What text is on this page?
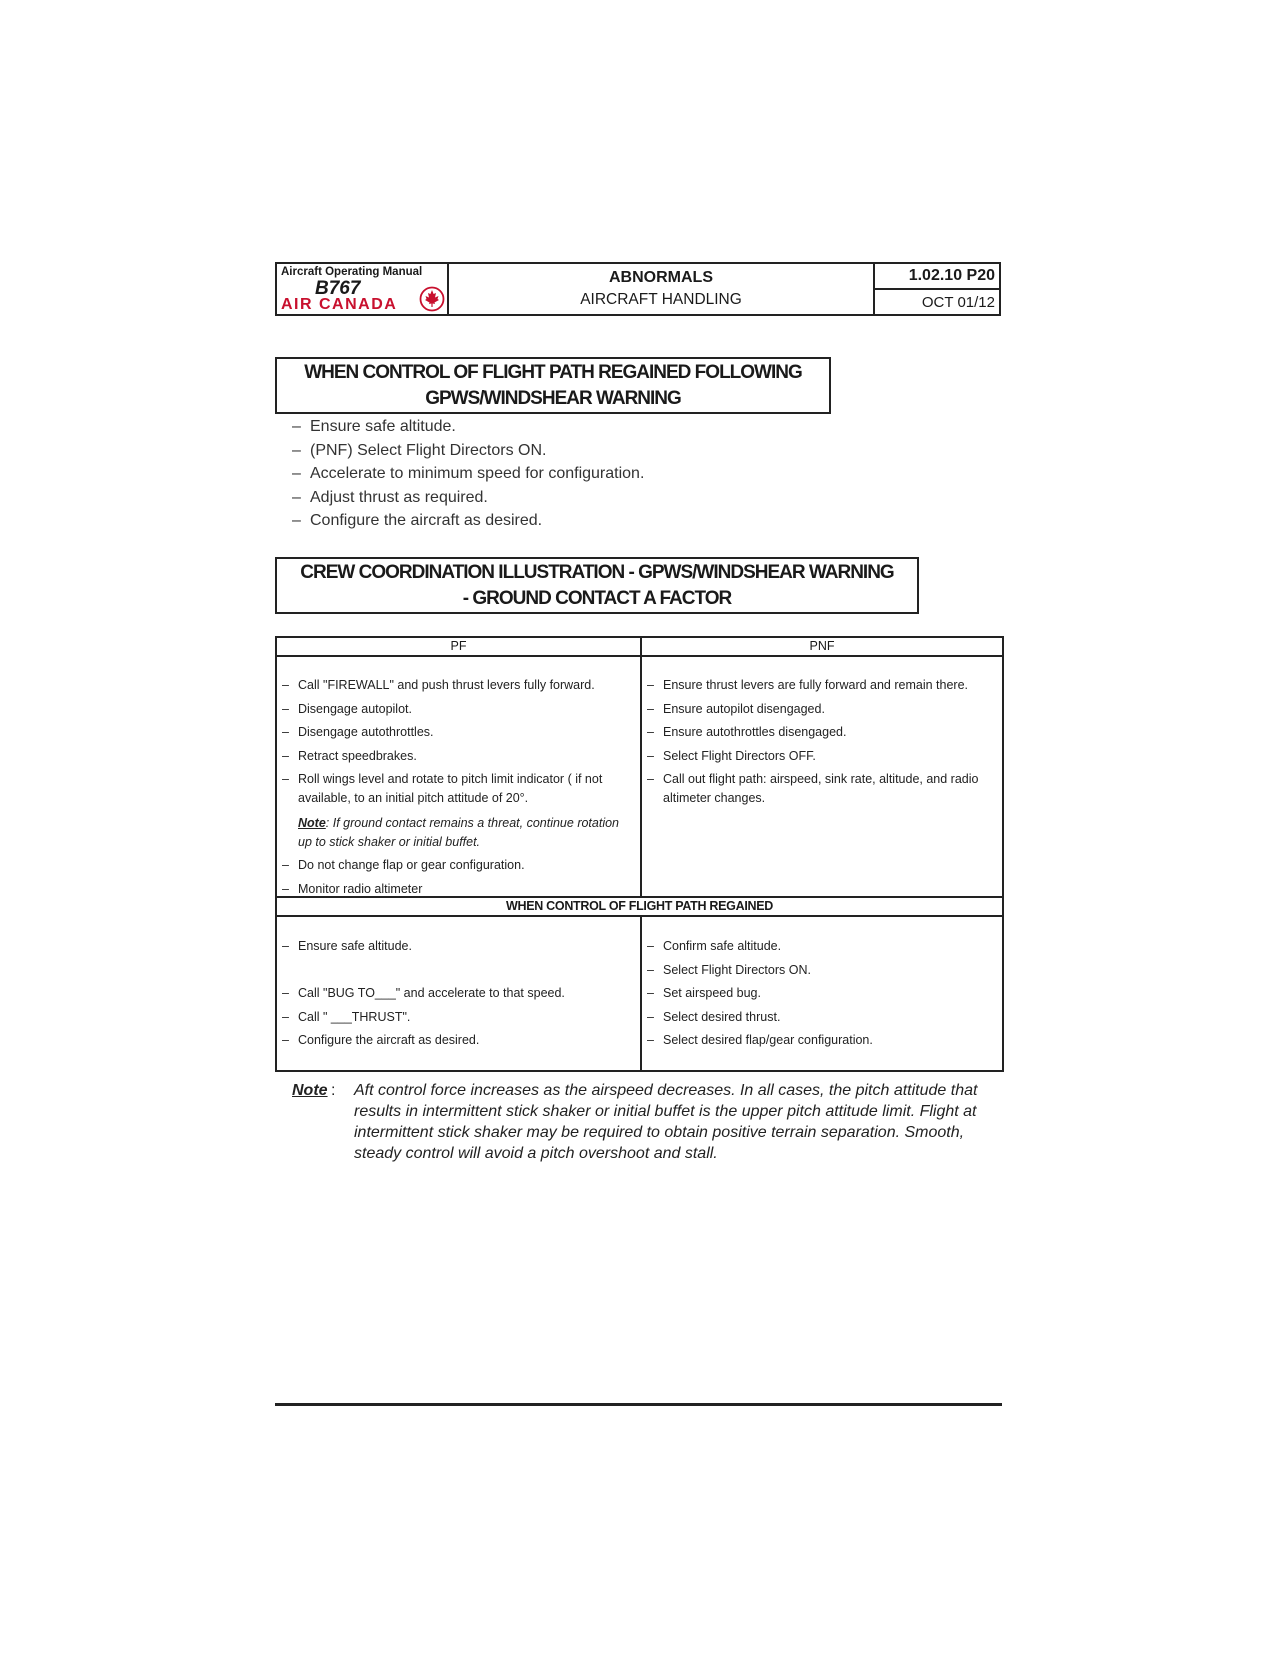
Aircraft Operating Manual
B767
AIR CANADA
ABNORMALS
AIRCRAFT HANDLING
1.02.10 P20
OCT 01/12
WHEN CONTROL OF FLIGHT PATH REGAINED FOLLOWING
GPWS/WINDSHEAR WARNING
– Ensure safe altitude.
– (PNF) Select Flight Directors ON.
– Accelerate to minimum speed for configuration.
– Adjust thrust as required.
– Configure the aircraft as desired.
CREW COORDINATION ILLUSTRATION - GPWS/WINDSHEAR WARNING
- GROUND CONTACT A FACTOR
PF	PNF
WHEN CONTROL OF FLIGHT PATH REGAINED
– Call "FIREWALL" and push thrust levers fully forward.
– Disengage autopilot.
– Disengage autothrottles.
– Retract speedbrakes.
– Roll wings level and rotate to pitch limit indicator ( if not available, to an initial pitch attitude of 20°.
Note: If ground contact remains a threat, continue rotation up to stick shaker or initial buffet.
– Do not change flap or gear configuration.
– Monitor radio altimeter
– Ensure thrust levers are fully forward and remain there.
– Ensure autopilot disengaged.
– Ensure autothrottles disengaged.
– Select Flight Directors OFF.
– Call out flight path: airspeed, sink rate, altitude, and radio altimeter changes.
– Ensure safe altitude.
– Call "BUG TO___" and accelerate to that speed.
– Call " ___THRUST".
– Configure the aircraft as desired.
– Confirm safe altitude.
– Select Flight Directors ON.
– Set airspeed bug.
– Select desired thrust.
– Select desired flap/gear configuration.
Note : Aft control force increases as the airspeed decreases. In all cases, the pitch attitude that results in intermittent stick shaker or initial buffet is the upper pitch attitude limit. Flight at intermittent stick shaker may be required to obtain positive terrain separation. Smooth, steady control will avoid a pitch overshoot and stall.
